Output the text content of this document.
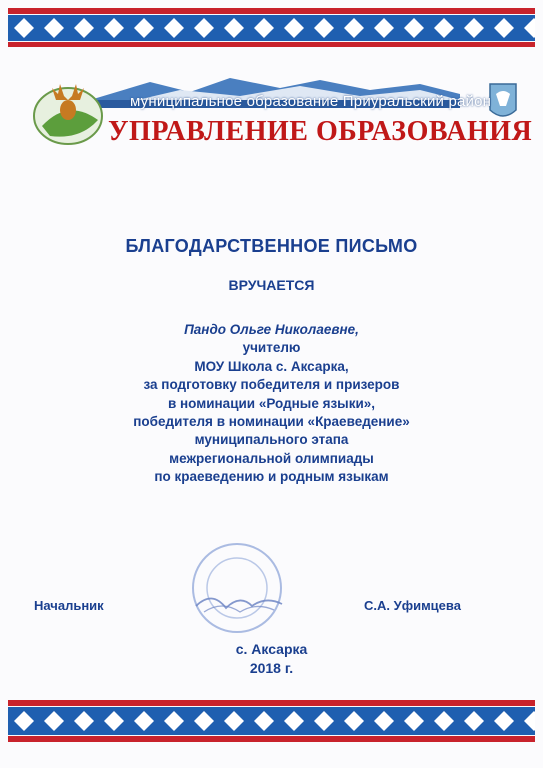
муниципальное образование Приуральский район
УПРАВЛЕНИЕ ОБРАЗОВАНИЯ
БЛАГОДАРСТВЕННОЕ ПИСЬМО
ВРУЧАЕТСЯ
Пандо Ольге Николаевне,
учителю
МОУ Школа с. Аксарка,
за подготовку победителя и призеров
в номинации «Родные языки»,
победителя в номинации «Краеведение»
муниципального этапа
межрегиональной олимпиады
по краеведению и родным языкам
Начальник	С.А. Уфимцева
с. Аксарка
2018 г.
